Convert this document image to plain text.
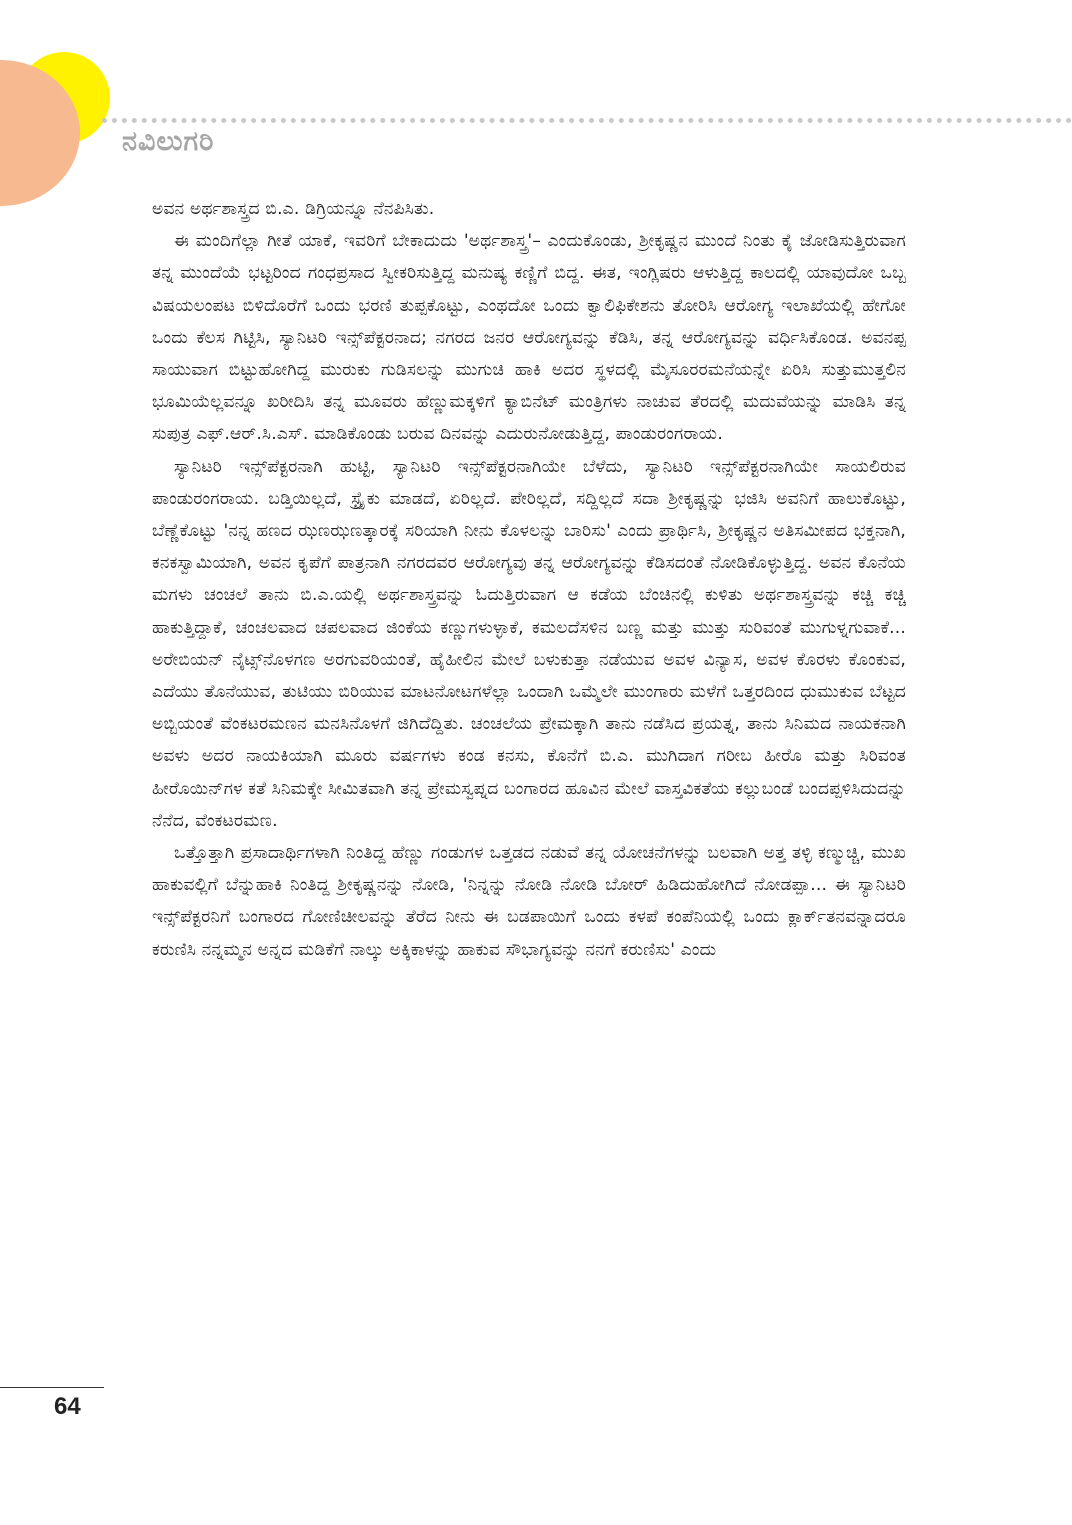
ನವಿಲುಗರಿ

ಅವನ ಅರ್ಥಶಾಸ್ತ್ರದ ಬಿ.ಎ. ಡಿಗ್ರಿಯನ್ನೂ ನೆನಪಿಸಿತು.

ಈ ಮಂದಿಗೆಲ್ಲಾ ಗೀತೆ ಯಾಕೆ, ಇವರಿಗೆ ಬೇಕಾದುದು 'ಅರ್ಥಶಾಸ್ತ್ರ'– ಎಂದುಕೊಂಡು, ಶ್ರೀಕೃಷ್ಣನ ಮುಂದೆ ನಿಂತು ಕೈ ಜೋಡಿಸುತ್ತಿರುವಾಗ ತನ್ನ ಮುಂದೆಯೆ ಭಟ್ಟರಿಂದ ಗಂಧಪ್ರಸಾದ ಸ್ವೀಕರಿಸುತ್ತಿದ್ದ ಮನುಷ್ಯ ಕಣ್ಣಿಗೆ ಬಿದ್ದ. ಈತ, ಇಂಗ್ಲಿಷರು ಆಳುತ್ತಿದ್ದ ಕಾಲದಲ್ಲಿ ಯಾವುದೋ ಒಬ್ಬ ವಿಷಯಲಂಪಟ ಬಿಳಿದೊರೆಗೆ ಒಂದು ಭರಣಿ ತುಪ್ಪಕೊಟ್ಟು, ಎಂಥದೋ ಒಂದು ಕ್ವಾಲಿಫಿಕೇಶನು ತೋರಿಸಿ ಆರೋಗ್ಯ ಇಲಾಖೆಯಲ್ಲಿ ಹೇಗೋ ಒಂದು ಕೆಲಸ ಗಿಟ್ಟಿಸಿ, ಸ್ಯಾನಿಟರಿ ಇನ್ಸ್‌ಪೆಕ್ಟರನಾದ; ನಗರದ ಜನರ ಆರೋಗ್ಯವನ್ನು ಕೆಡಿಸಿ, ತನ್ನ ಆರೋಗ್ಯವನ್ನು ವರ್ಧಿಸಿಕೊಂಡ. ಅವನಪ್ಪ ಸಾಯುವಾಗ ಬಿಟ್ಟುಹೋಗಿದ್ದ ಮುರುಕು ಗುಡಿಸಲನ್ನು ಮುಗುಚಿ ಹಾಕಿ ಅದರ ಸ್ಥಳದಲ್ಲಿ ಮೈಸೂರರಮನೆಯನ್ನೇ ಏರಿಸಿ ಸುತ್ತುಮುತ್ತಲಿನ ಭೂಮಿಯೆಲ್ಲವನ್ನೂ ಖರೀದಿಸಿ ತನ್ನ ಮೂವರು ಹೆಣ್ಣುಮಕ್ಕಳಿಗೆ ಕ್ಯಾಬಿನೆಟ್ ಮಂತ್ರಿಗಳು ನಾಚುವ ತೆರದಲ್ಲಿ ಮದುವೆಯನ್ನು ಮಾಡಿಸಿ ತನ್ನ ಸುಪುತ್ರ ಎಫ್.ಆರ್.ಸಿ.ಎಸ್. ಮಾಡಿಕೊಂಡು ಬರುವ ದಿನವನ್ನು ಎದುರುನೋಡುತ್ತಿದ್ದ, ಪಾಂಡುರಂಗರಾಯ.

ಸ್ಯಾನಿಟರಿ ಇನ್ಸ್‌ಪೆಕ್ಟರನಾಗಿ ಹುಟ್ಟಿ, ಸ್ಯಾನಿಟರಿ ಇನ್ಸ್‌ಪೆಕ್ಟರನಾಗಿಯೇ ಬೆಳೆದು, ಸ್ಯಾನಿಟರಿ ಇನ್ಸ್‌ಪೆಕ್ಟರನಾಗಿಯೇ ಸಾಯಲಿರುವ ಪಾಂಡುರಂಗರಾಯ. ಬಡ್ತಿಯಿಲ್ಲದೆ, ಸ್ಟ್ರೈಕು ಮಾಡದೆ, ಏರಿಲ್ಲದೆ. ಪೇರಿಲ್ಲದೆ, ಸದ್ದಿಲ್ಲದೆ ಸದಾ ಶ್ರೀಕೃಷ್ಣನ್ನು ಭಜಿಸಿ ಅವನಿಗೆ ಹಾಲುಕೊಟ್ಟು, ಬೆಣ್ಣೆಕೊಟ್ಟು 'ನನ್ನ ಹಣದ ಝಣಝಣತ್ಕಾರಕ್ಕೆ ಸರಿಯಾಗಿ ನೀನು ಕೊಳಲನ್ನು ಬಾರಿಸು' ಎಂದು ಪ್ರಾರ್ಥಿಸಿ, ಶ್ರೀಕೃಷ್ಣನ ಅತಿಸಮೀಪದ ಭಕ್ತನಾಗಿ, ಕನಕಸ್ವಾಮಿಯಾಗಿ, ಅವನ ಕೃಪೆಗೆ ಪಾತ್ರನಾಗಿ ನಗರದವರ ಆರೋಗ್ಯವು ತನ್ನ ಆರೋಗ್ಯವನ್ನು ಕೆಡಿಸದಂತೆ ನೋಡಿಕೊಳ್ಳುತ್ತಿದ್ದ. ಅವನ ಕೊನೆಯ ಮಗಳು ಚಂಚಲೆ ತಾನು ಬಿ.ಎ.ಯಲ್ಲಿ ಅರ್ಥಶಾಸ್ತ್ರವನ್ನು ಓದುತ್ತಿರುವಾಗ ಆ ಕಡೆಯ ಬೆಂಚಿನಲ್ಲಿ ಕುಳಿತು ಅರ್ಥಶಾಸ್ತ್ರವನ್ನು ಕಚ್ಚಿ ಕಚ್ಚಿ ಹಾಕುತ್ತಿದ್ದಾಕೆ, ಚಂಚಲವಾದ ಚಪಲವಾದ ಜಿಂಕೆಯ ಕಣ್ಣುಗಳುಳ್ಳಾಕೆ, ಕಮಲದೆಸಳಿನ ಬಣ್ಣ ಮತ್ತು ಮುತ್ತು ಸುರಿವಂತೆ ಮುಗುಳ್ನಗುವಾಕೆ... ಅರೇಬಿಯನ್ ನೈಟ್ಸ್‌ನೊಳಗಣ ಅರಗುವರಿಯಂತೆ, ಹೈಹೀಲಿನ ಮೇಲೆ ಬಳುಕುತ್ತಾ ನಡೆಯುವ ಅವಳ ವಿನ್ಯಾಸ, ಅವಳ ಕೊರಳು ಕೊಂಕುವ, ಎದೆಯು ತೊನೆಯುವ, ತುಟಿಯು ಬಿರಿಯುವ ಮಾಟನೋಟಗಳೆಲ್ಲಾ ಒಂದಾಗಿ ಒಮ್ಮೆಲೇ ಮುಂಗಾರು ಮಳೆಗೆ ಒತ್ತರದಿಂದ ಧುಮುಕುವ ಬೆಟ್ಟದ ಅಬ್ಬಿಯಂತೆ ವೆಂಕಟರಮಣನ ಮನಸಿನೊಳಗೆ ಜಿಗಿದೆದ್ದಿತು. ಚಂಚಲೆಯ ಪ್ರೇಮಕ್ಕಾಗಿ ತಾನು ನಡೆಸಿದ ಪ್ರಯತ್ನ, ತಾನು ಸಿನಿಮದ ನಾಯಕನಾಗಿ ಅವಳು ಅದರ ನಾಯಕಿಯಾಗಿ ಮೂರು ವರ್ಷಗಳು ಕಂಡ ಕನಸು, ಕೊನೆಗೆ ಬಿ.ಎ. ಮುಗಿದಾಗ ಗರೀಬ ಹೀರೊ ಮತ್ತು ಸಿರಿವಂತ ಹೀರೊಯಿನ್‌ಗಳ ಕತೆ ಸಿನಿಮಕ್ಕೇ ಸೀಮಿತವಾಗಿ ತನ್ನ ಪ್ರೇಮಸ್ವಪ್ನದ ಬಂಗಾರದ ಹೂವಿನ ಮೇಲೆ ವಾಸ್ತವಿಕತೆಯ ಕಲ್ಲುಬಂಡೆ ಬಂದಪ್ಪಳಿಸಿದುದನ್ನು ನೆನೆದ, ವೆಂಕಟರಮಣ.

ಒತ್ತೊತ್ತಾಗಿ ಪ್ರಸಾದಾರ್ಥಿಗಳಾಗಿ ನಿಂತಿದ್ದ ಹೆಣ್ಣು ಗಂಡುಗಳ ಒತ್ತಡದ ನಡುವೆ ತನ್ನ ಯೋಚನೆಗಳನ್ನು ಬಲವಾಗಿ ಅತ್ತ ತಳ್ಳಿ ಕಣ್ಮುಚ್ಚಿ, ಮುಖ ಹಾಕುವಲ್ಲಿಗೆ ಬೆನ್ನುಹಾಕಿ ನಿಂತಿದ್ದ ಶ್ರೀಕೃಷ್ಣನನ್ನು ನೋಡಿ, 'ನಿನ್ನನ್ನು ನೋಡಿ ನೋಡಿ ಬೋರ್ ಹಿಡಿದುಹೋಗಿದೆ ನೋಡಪ್ಪಾ... ಈ ಸ್ಯಾನಿಟರಿ ಇನ್ಸ್‌ಪೆಕ್ಟರನಿಗೆ ಬಂಗಾರದ ಗೋಣಿಚೀಲವನ್ನು ತೆರೆದ ನೀನು ಈ ಬಡಪಾಯಿಗೆ ಒಂದು ಕಳಪೆ ಕಂಪೆನಿಯಲ್ಲಿ ಒಂದು ಕ್ಲಾರ್ಕ್‌ತನವನ್ನಾದರೂ ಕರುಣಿಸಿ ನನ್ನಮ್ಮನ ಅನ್ನದ ಮಡಿಕೆಗೆ ನಾಲ್ಕು ಅಕ್ಕಿಕಾಳನ್ನು ಹಾಕುವ ಸೌಭಾಗ್ಯವನ್ನು ನನಗೆ ಕರುಣಿಸು' ಎಂದು

64
